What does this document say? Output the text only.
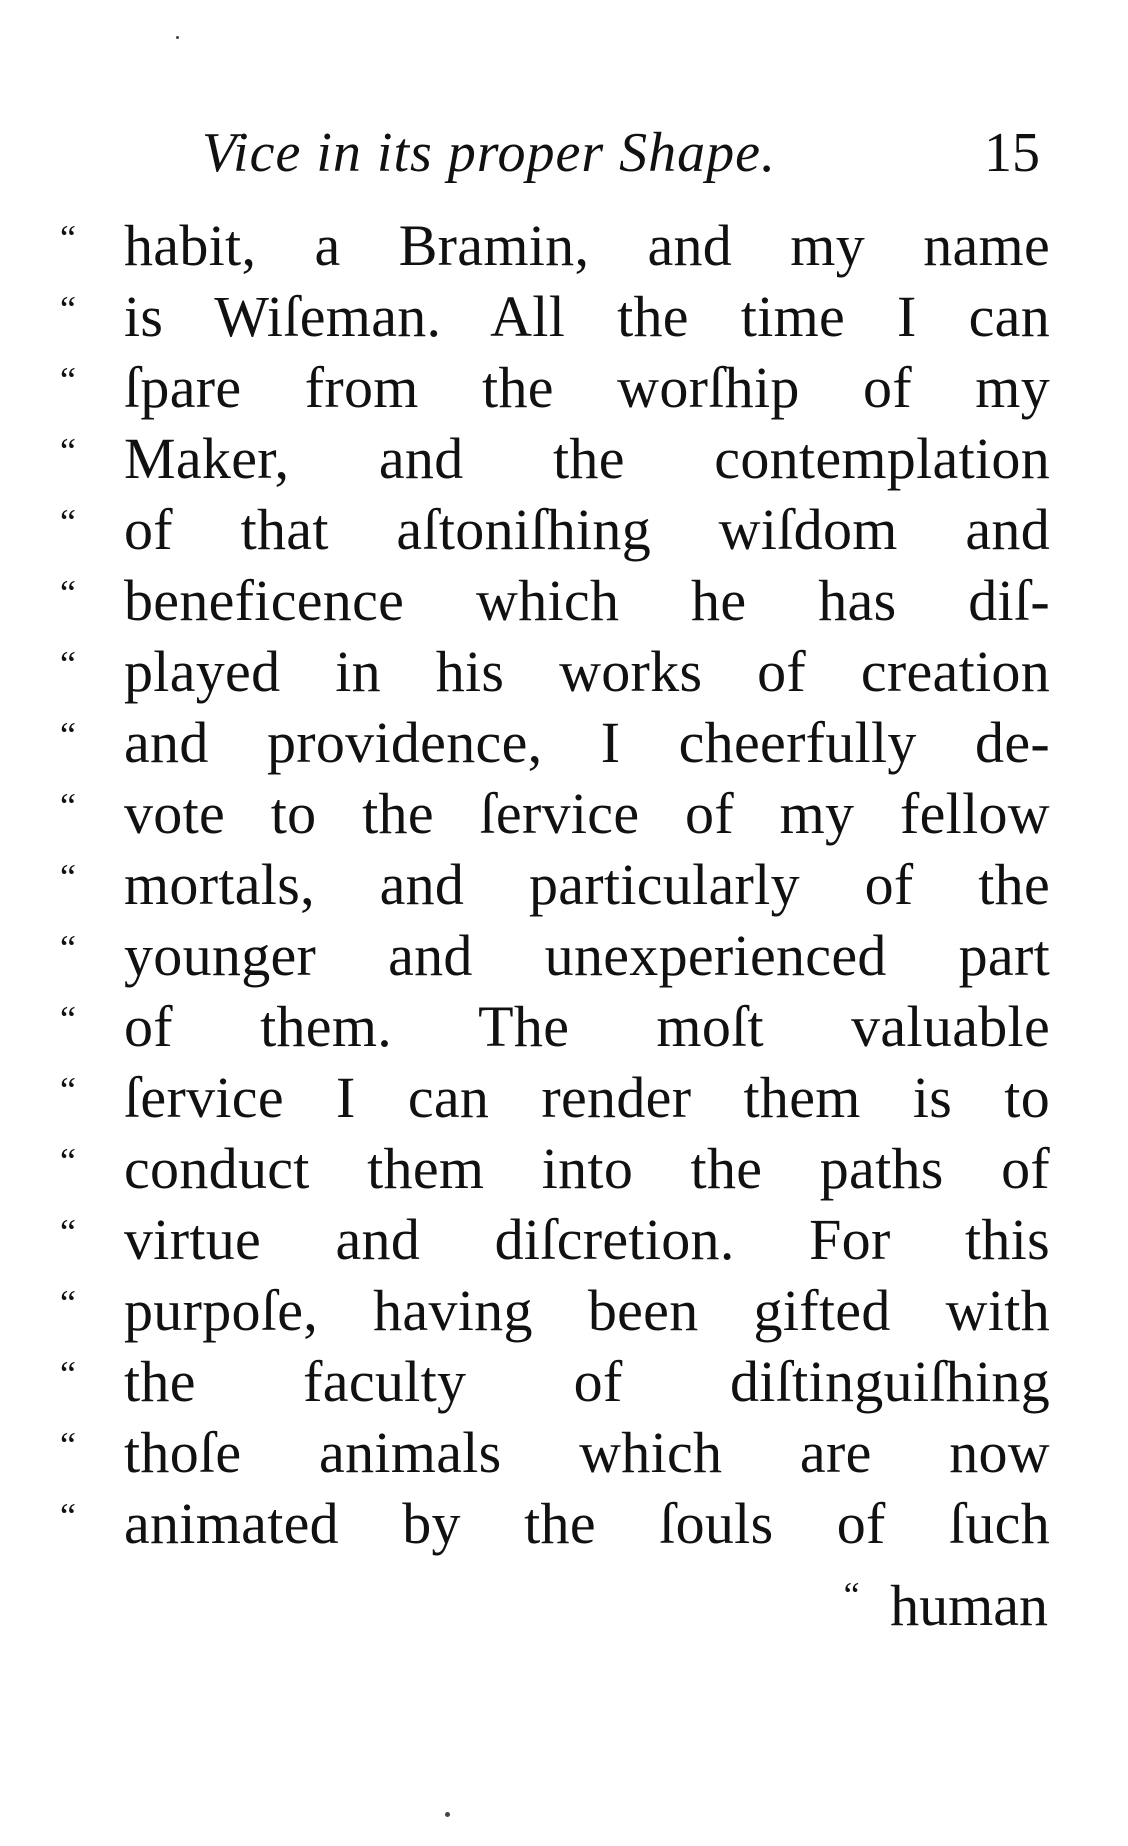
Vice in its proper Shape.	15
“ habit, a Bramin, and my name
“ is Wiſeman. All the time I can
“ ſpare from the worſhip of my
“ Maker, and the contemplation
“ of that aſtoniſhing wiſdom and
“ beneficence which he has diſ-
“ played in his works of creation
“ and providence, I cheerfully de-
“ vote to the ſervice of my fellow
“ mortals, and particularly of the
“ younger and unexperienced part
“ of them. The moſt valuable
“ ſervice I can render them is to
“ conduct them into the paths of
“ virtue and diſcretion. For this
“ purpoſe, having been gifted with
“ the faculty of diſtinguiſhing
“ thoſe animals which are now
“ animated by the ſouls of ſuch
“ human
